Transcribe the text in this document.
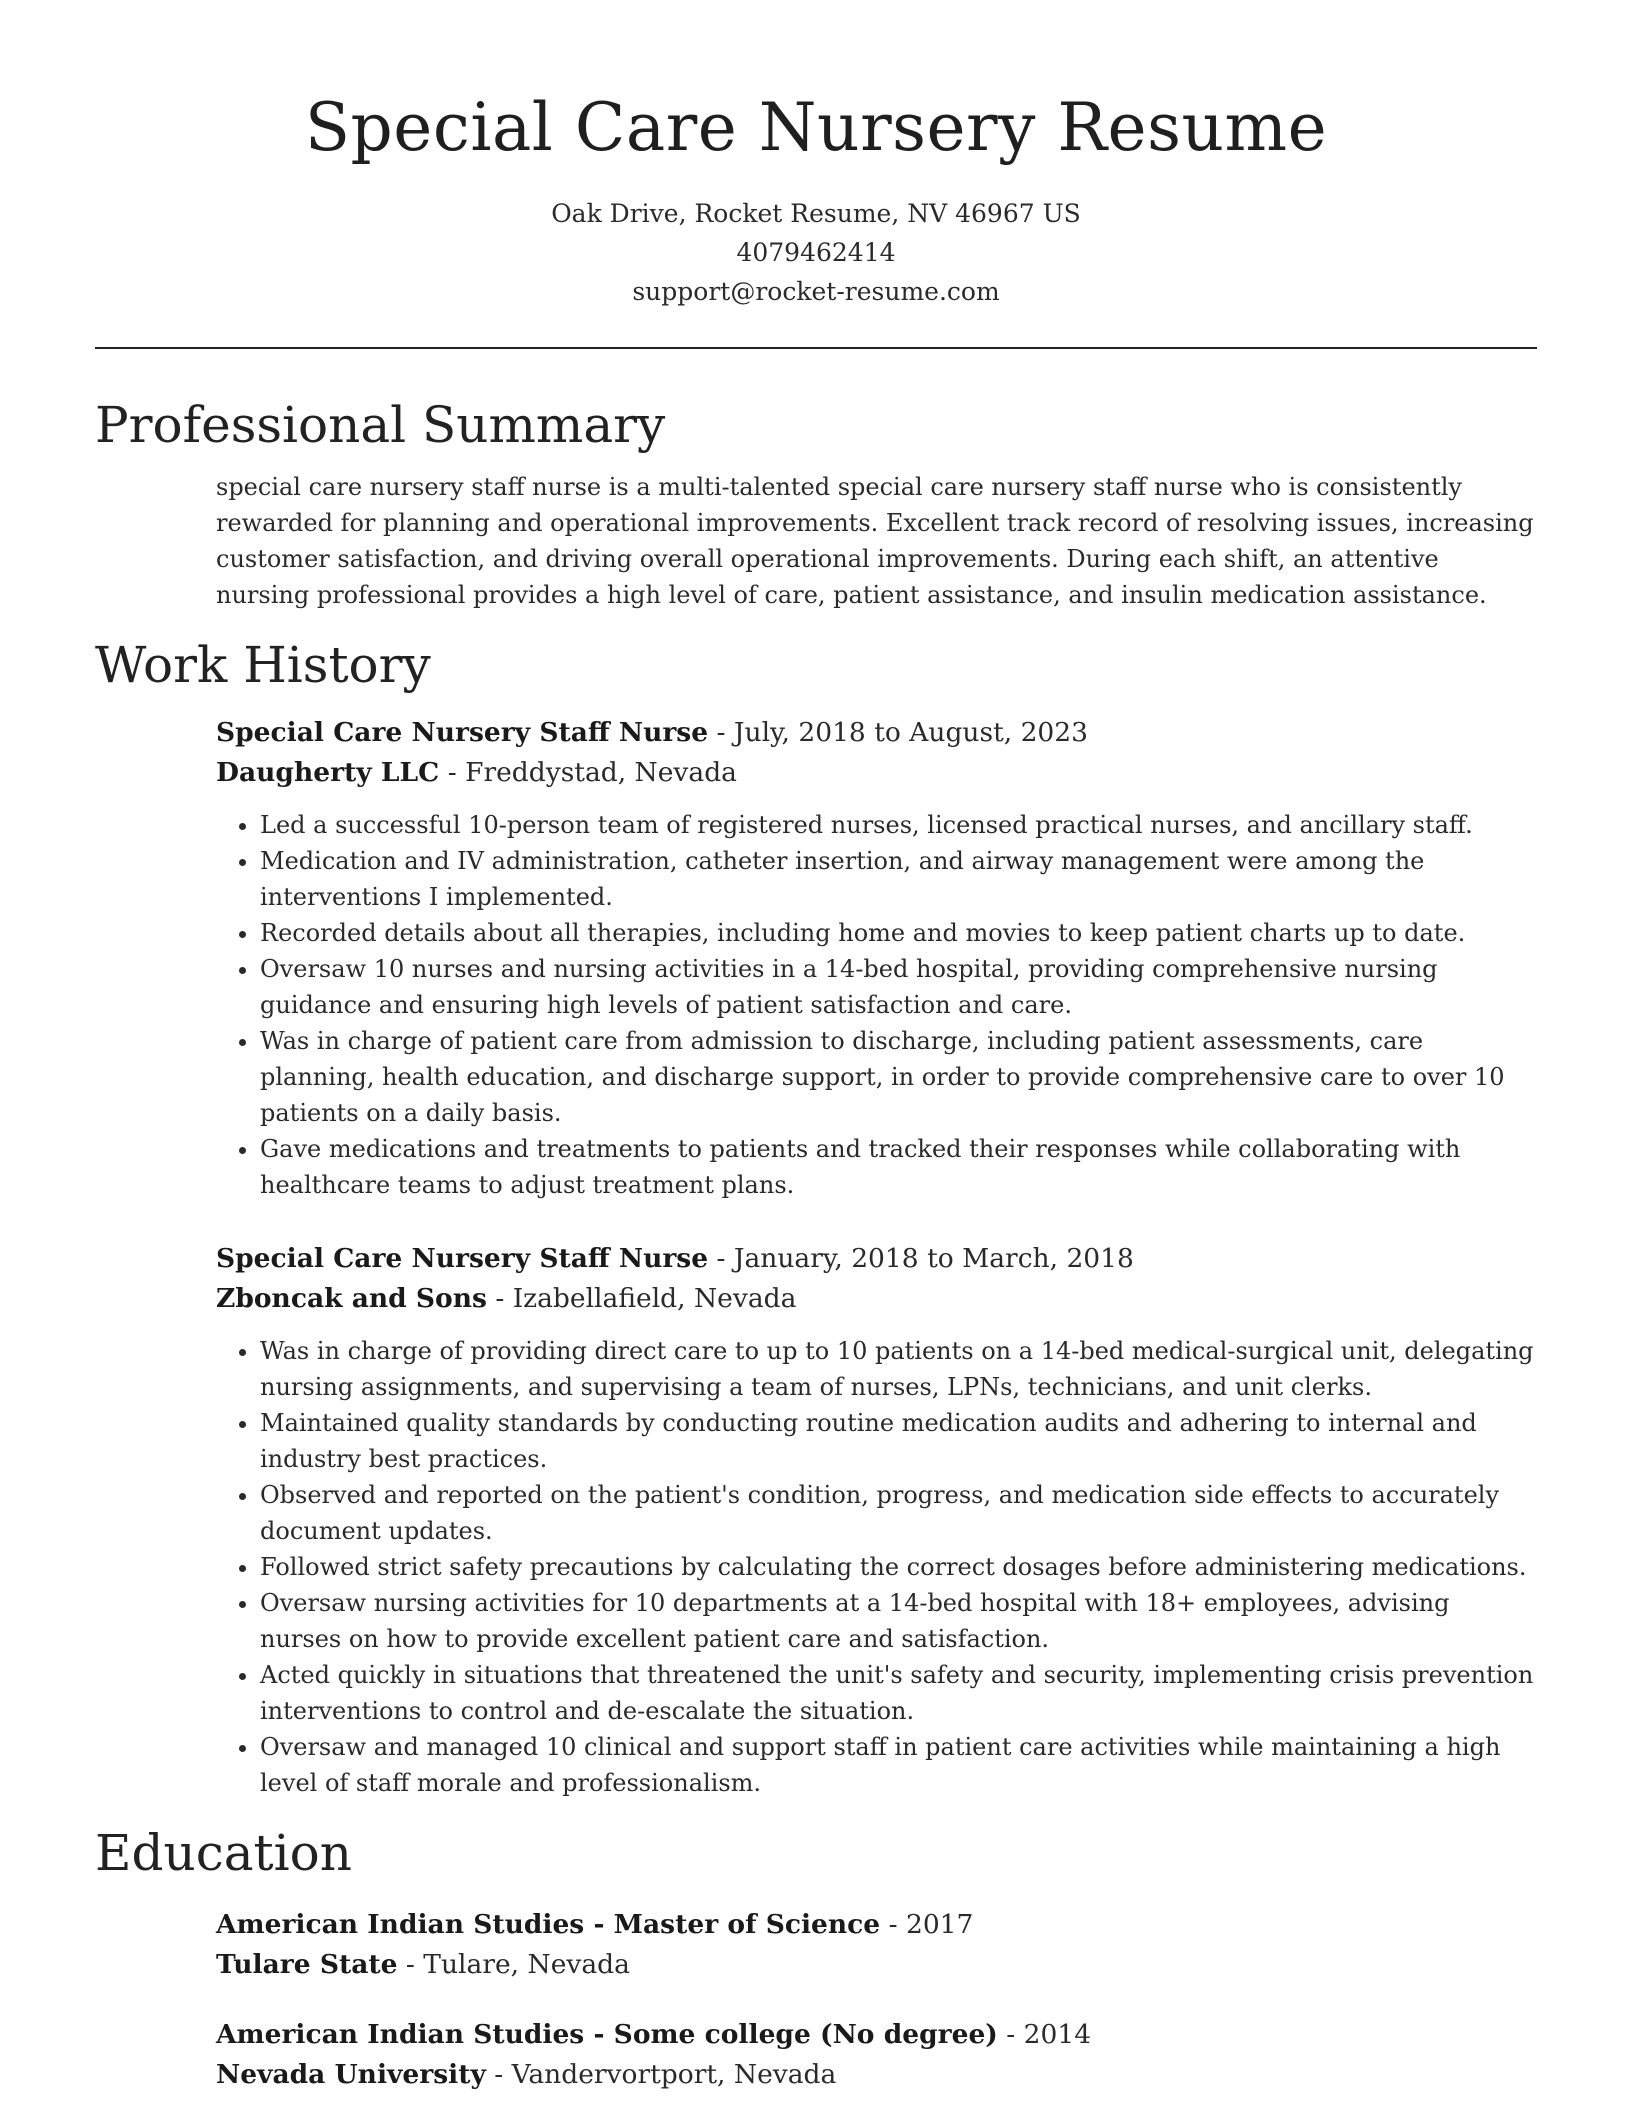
Special Care Nursery Resume
Oak Drive, Rocket Resume, NV 46967 US
4079462414
support@rocket-resume.com
Professional Summary

special care nursery staff nurse is a multi-talented special care nursery staff nurse who is consistently rewarded for planning and operational improvements. Excellent track record of resolving issues, increasing customer satisfaction, and driving overall operational improvements. During each shift, an attentive nursing professional provides a high level of care, patient assistance, and insulin medication assistance.

Work History
Special Care Nursery Staff Nurse - July, 2018 to August, 2023
Daugherty LLC - Freddystad, Nevada
• Led a successful 10-person team of registered nurses, licensed practical nurses, and ancillary staff.
• Medication and IV administration, catheter insertion, and airway management were among the interventions I implemented.
• Recorded details about all therapies, including home and movies to keep patient charts up to date.
• Oversaw 10 nurses and nursing activities in a 14-bed hospital, providing comprehensive nursing guidance and ensuring high levels of patient satisfaction and care.
• Was in charge of patient care from admission to discharge, including patient assessments, care planning, health education, and discharge support, in order to provide comprehensive care to over 10 patients on a daily basis.
• Gave medications and treatments to patients and tracked their responses while collaborating with healthcare teams to adjust treatment plans.
Special Care Nursery Staff Nurse - January, 2018 to March, 2018
Zboncak and Sons - Izabellafield, Nevada
• Was in charge of providing direct care to up to 10 patients on a 14-bed medical-surgical unit, delegating nursing assignments, and supervising a team of nurses, LPNs, technicians, and unit clerks.
• Maintained quality standards by conducting routine medication audits and adhering to internal and industry best practices.
• Observed and reported on the patient's condition, progress, and medication side effects to accurately document updates.
• Followed strict safety precautions by calculating the correct dosages before administering medications.
• Oversaw nursing activities for 10 departments at a 14-bed hospital with 18+ employees, advising nurses on how to provide excellent patient care and satisfaction.
• Acted quickly in situations that threatened the unit's safety and security, implementing crisis prevention interventions to control and de-escalate the situation.
• Oversaw and managed 10 clinical and support staff in patient care activities while maintaining a high level of staff morale and professionalism.
Education
American Indian Studies - Master of Science - 2017
Tulare State - Tulare, Nevada
American Indian Studies - Some college (No degree) - 2014
Nevada University - Vandervortport, Nevada
